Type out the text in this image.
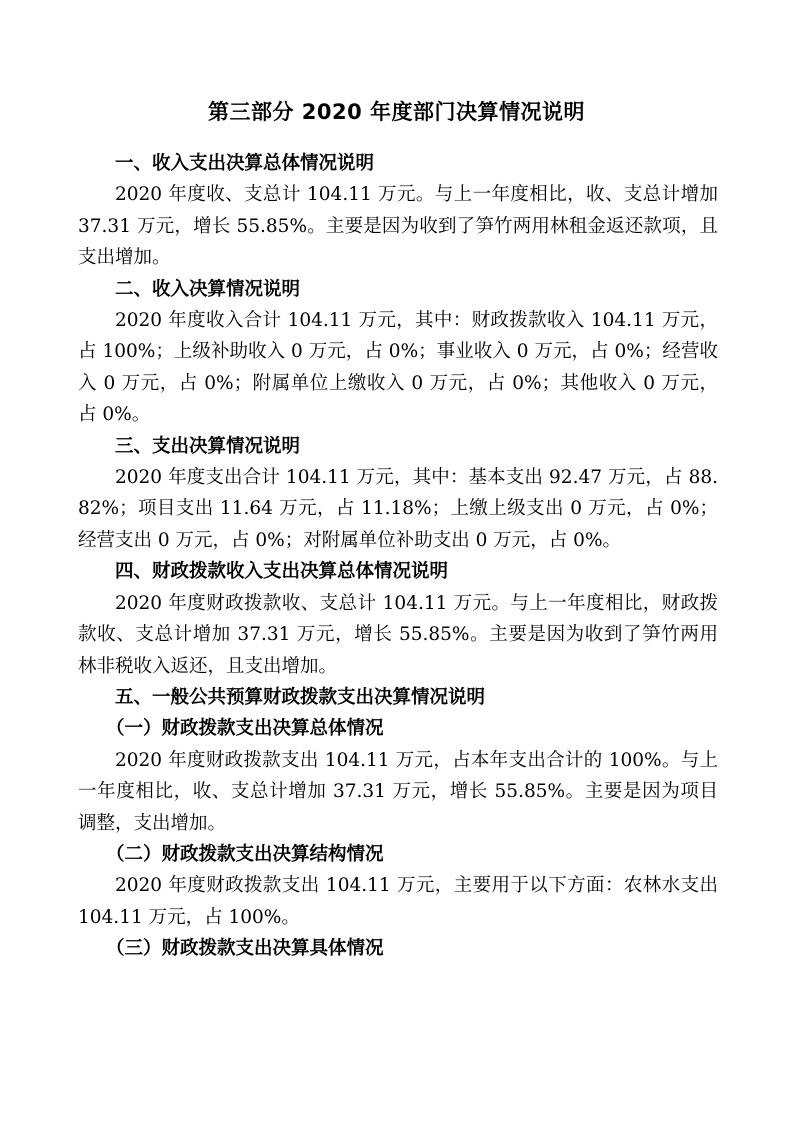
第三部分 2020 年度部门决算情况说明
一、收入支出决算总体情况说明
2020 年度收、支总计 104.11 万元。与上一年度相比，收、支总计增加 37.31 万元，增长 55.85%。主要是因为收到了笋竹两用林租金返还款项，且支出增加。
二、收入决算情况说明
2020 年度收入合计 104.11 万元，其中：财政拨款收入 104.11 万元，占 100%；上级补助收入 0 万元，占 0%；事业收入 0 万元，占 0%；经营收入 0 万元，占 0%；附属单位上缴收入 0 万元，占 0%；其他收入 0 万元，占 0%。
三、支出决算情况说明
2020 年度支出合计 104.11 万元，其中：基本支出 92.47 万元，占 88.82%；项目支出 11.64 万元，占 11.18%；上缴上级支出 0 万元，占 0%；经营支出 0 万元，占 0%；对附属单位补助支出 0 万元，占 0%。
四、财政拨款收入支出决算总体情况说明
2020 年度财政拨款收、支总计 104.11 万元。与上一年度相比，财政拨款收、支总计增加 37.31 万元，增长 55.85%。主要是因为收到了笋竹两用林非税收入返还，且支出增加。
五、一般公共预算财政拨款支出决算情况说明
（一）财政拨款支出决算总体情况
2020 年度财政拨款支出 104.11 万元，占本年支出合计的 100%。与上一年度相比，收、支总计增加 37.31 万元，增长 55.85%。主要是因为项目调整，支出增加。
（二）财政拨款支出决算结构情况
2020 年度财政拨款支出 104.11 万元，主要用于以下方面：农林水支出 104.11 万元，占 100%。
（三）财政拨款支出决算具体情况
